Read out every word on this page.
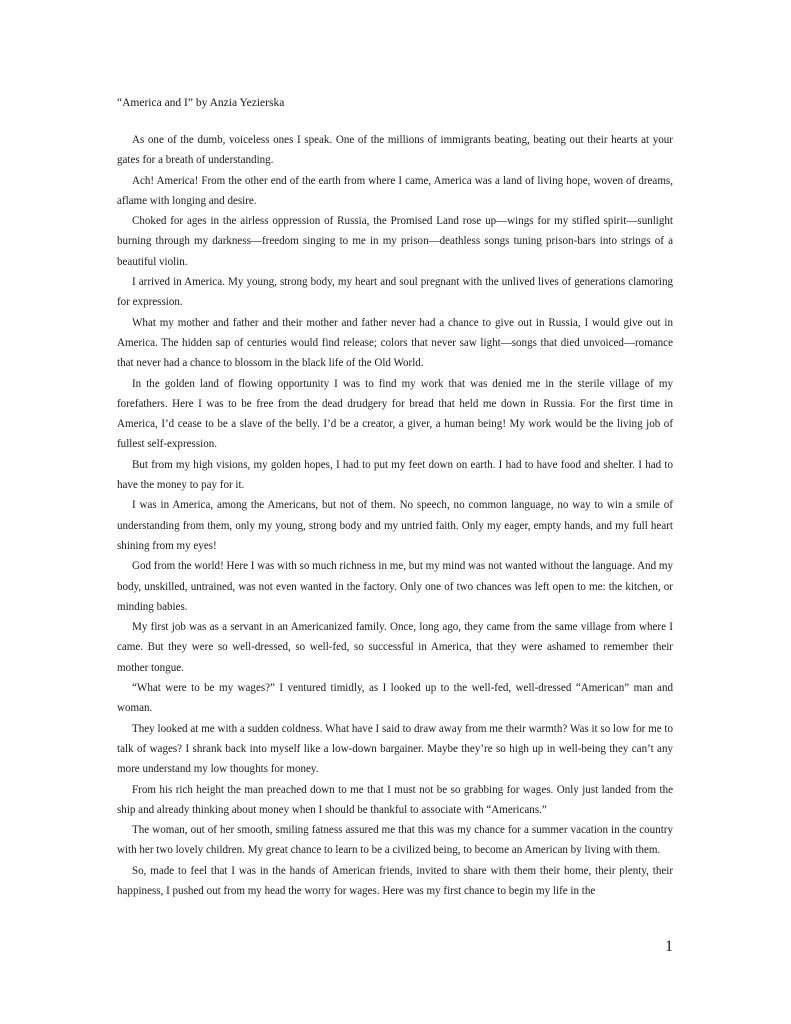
“America and I” by Anzia Yezierska

As one of the dumb, voiceless ones I speak. One of the millions of immigrants beating, beating out their hearts at your gates for a breath of understanding.

Ach! America! From the other end of the earth from where I came, America was a land of living hope, woven of dreams, aflame with longing and desire.

Choked for ages in the airless oppression of Russia, the Promised Land rose up—wings for my stifled spirit—sunlight burning through my darkness—freedom singing to me in my prison—deathless songs tuning prison-bars into strings of a beautiful violin.

I arrived in America. My young, strong body, my heart and soul pregnant with the unlived lives of generations clamoring for expression.

What my mother and father and their mother and father never had a chance to give out in Russia, I would give out in America. The hidden sap of centuries would find release; colors that never saw light—songs that died unvoiced—romance that never had a chance to blossom in the black life of the Old World.

In the golden land of flowing opportunity I was to find my work that was denied me in the sterile village of my forefathers. Here I was to be free from the dead drudgery for bread that held me down in Russia. For the first time in America, I’d cease to be a slave of the belly. I’d be a creator, a giver, a human being! My work would be the living job of fullest self-expression.

But from my high visions, my golden hopes, I had to put my feet down on earth. I had to have food and shelter. I had to have the money to pay for it.

I was in America, among the Americans, but not of them. No speech, no common language, no way to win a smile of understanding from them, only my young, strong body and my untried faith. Only my eager, empty hands, and my full heart shining from my eyes!

God from the world! Here I was with so much richness in me, but my mind was not wanted without the language. And my body, unskilled, untrained, was not even wanted in the factory. Only one of two chances was left open to me: the kitchen, or minding babies.

My first job was as a servant in an Americanized family. Once, long ago, they came from the same village from where I came. But they were so well-dressed, so well-fed, so successful in America, that they were ashamed to remember their mother tongue.

“What were to be my wages?” I ventured timidly, as I looked up to the well-fed, well-dressed “American” man and woman.

They looked at me with a sudden coldness. What have I said to draw away from me their warmth? Was it so low for me to talk of wages? I shrank back into myself like a low-down bargainer. Maybe they’re so high up in well-being they can’t any more understand my low thoughts for money.

From his rich height the man preached down to me that I must not be so grabbing for wages. Only just landed from the ship and already thinking about money when I should be thankful to associate with “Americans.”

The woman, out of her smooth, smiling fatness assured me that this was my chance for a summer vacation in the country with her two lovely children. My great chance to learn to be a civilized being, to become an American by living with them.

So, made to feel that I was in the hands of American friends, invited to share with them their home, their plenty, their happiness, I pushed out from my head the worry for wages. Here was my first chance to begin my life in the

1
